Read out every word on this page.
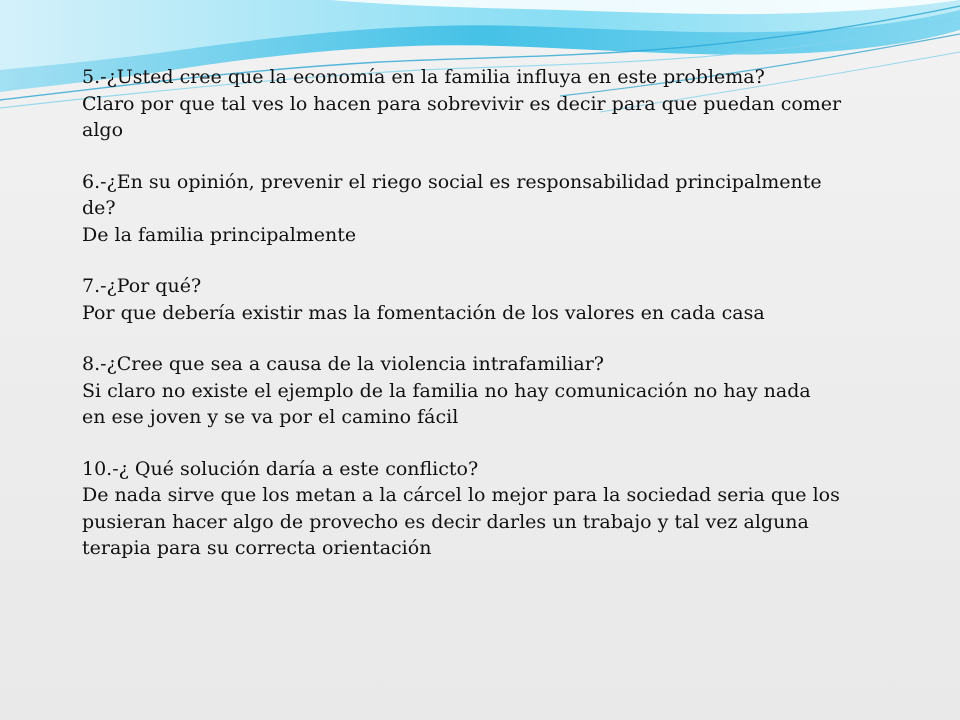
5.-¿Usted cree que la economía en la familia influya en este problema?
Claro por que tal ves lo hacen para sobrevivir es decir para que puedan comer
algo
6.-¿En su opinión, prevenir el riego social es responsabilidad principalmente
de?
De la familia principalmente
7.-¿Por qué?
Por que debería existir mas la fomentación de los valores en cada casa
8.-¿Cree que sea a causa de la violencia intrafamiliar?
Si claro no existe el ejemplo de la familia no hay comunicación no hay nada
en ese joven y se va por el camino fácil
10.-¿ Qué solución daría a este conflicto?
De nada sirve que los metan a la cárcel lo mejor para la sociedad seria que los
pusieran hacer algo de provecho es decir darles un trabajo y tal vez alguna
terapia para su correcta orientación
